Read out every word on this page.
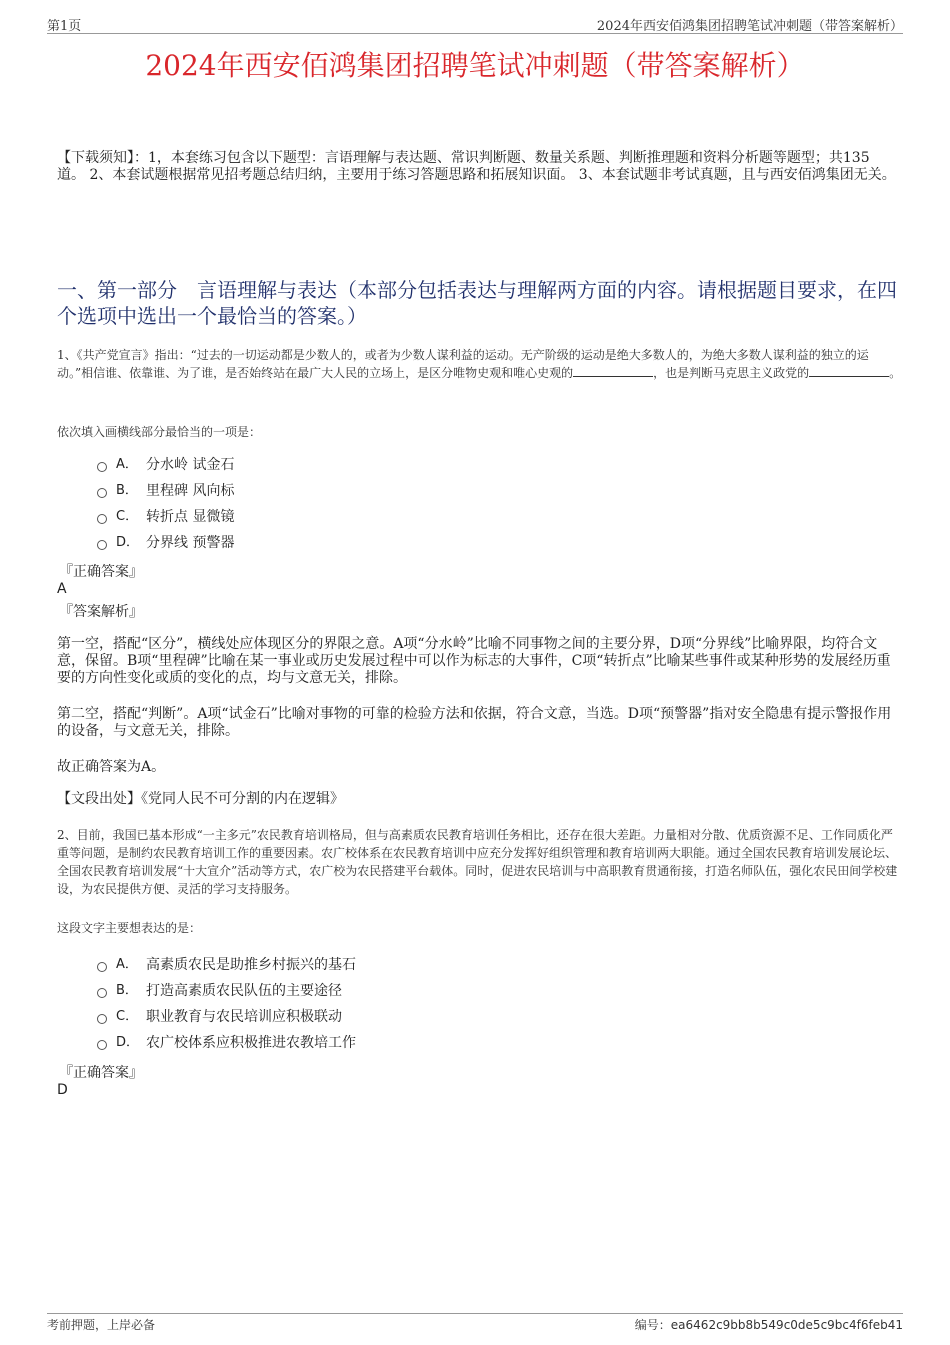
第1页	2024年西安佰鸿集团招聘笔试冲刺题（带答案解析）
2024年西安佰鸿集团招聘笔试冲刺题（带答案解析）
【下载须知】：1，本套练习包含以下题型：言语理解与表达题、常识判断题、数量关系题、判断推理题和资料分析题等题型；共135道。 2、本套试题根据常见招考题总结归纳，主要用于练习答题思路和拓展知识面。 3、本套试题非考试真题，且与西安佰鸿集团无关。
一、第一部分　言语理解与表达（本部分包括表达与理解两方面的内容。请根据题目要求，在四个选项中选出一个最恰当的答案。）
1、《共产党宣言》指出：“过去的一切运动都是少数人的，或者为少数人谋利益的运动。无产阶级的运动是绝大多数人的，为绝大多数人谋利益的独立的运动。”相信谁、依靠谁、为了谁，是否始终站在最广大人民的立场上，是区分唯物史观和唯心史观的	，也是判断马克思主义政党的	。
依次填入画横线部分最恰当的一项是：
A． 分水岭 试金石
B． 里程碑 风向标
C． 转折点 显微镜
D． 分界线 预警器
『正确答案』
A
『答案解析』
第一空，搭配“区分”，横线处应体现区分的界限之意。A项“分水岭”比喻不同事物之间的主要分界，D项“分界线”比喻界限，均符合文意，保留。B项“里程碑”比喻在某一事业或历史发展过程中可以作为标志的大事件，C项“转折点”比喻某些事件或某种形势的发展经历重要的方向性变化或质的变化的点，均与文意无关，排除。
第二空，搭配“判断”。A项“试金石”比喻对事物的可靠的检验方法和依据，符合文意，当选。D项“预警器”指对安全隐患有提示警报作用的设备，与文意无关，排除。
故正确答案为A。
【文段出处】《党同人民不可分割的内在逻辑》
2、目前，我国已基本形成“一主多元”农民教育培训格局，但与高素质农民教育培训任务相比，还存在很大差距。力量相对分散、优质资源不足、工作同质化严重等问题，是制约农民教育培训工作的重要因素。农广校体系在农民教育培训中应充分发挥好组织管理和教育培训两大职能。通过全国农民教育培训发展论坛、全国农民教育培训发展“十大宣介”活动等方式，农广校为农民搭建平台载体。同时，促进农民培训与中高职教育贯通衔接，打造名师队伍，强化农民田间学校建设，为农民提供方便、灵活的学习支持服务。
这段文字主要想表达的是：
A． 高素质农民是助推乡村振兴的基石
B． 打造高素质农民队伍的主要途径
C． 职业教育与农民培训应积极联动
D． 农广校体系应积极推进农教培工作
『正确答案』
D
考前押题，上岸必备	编号：ea6462c9bb8b549c0de5c9bc4f6feb41
